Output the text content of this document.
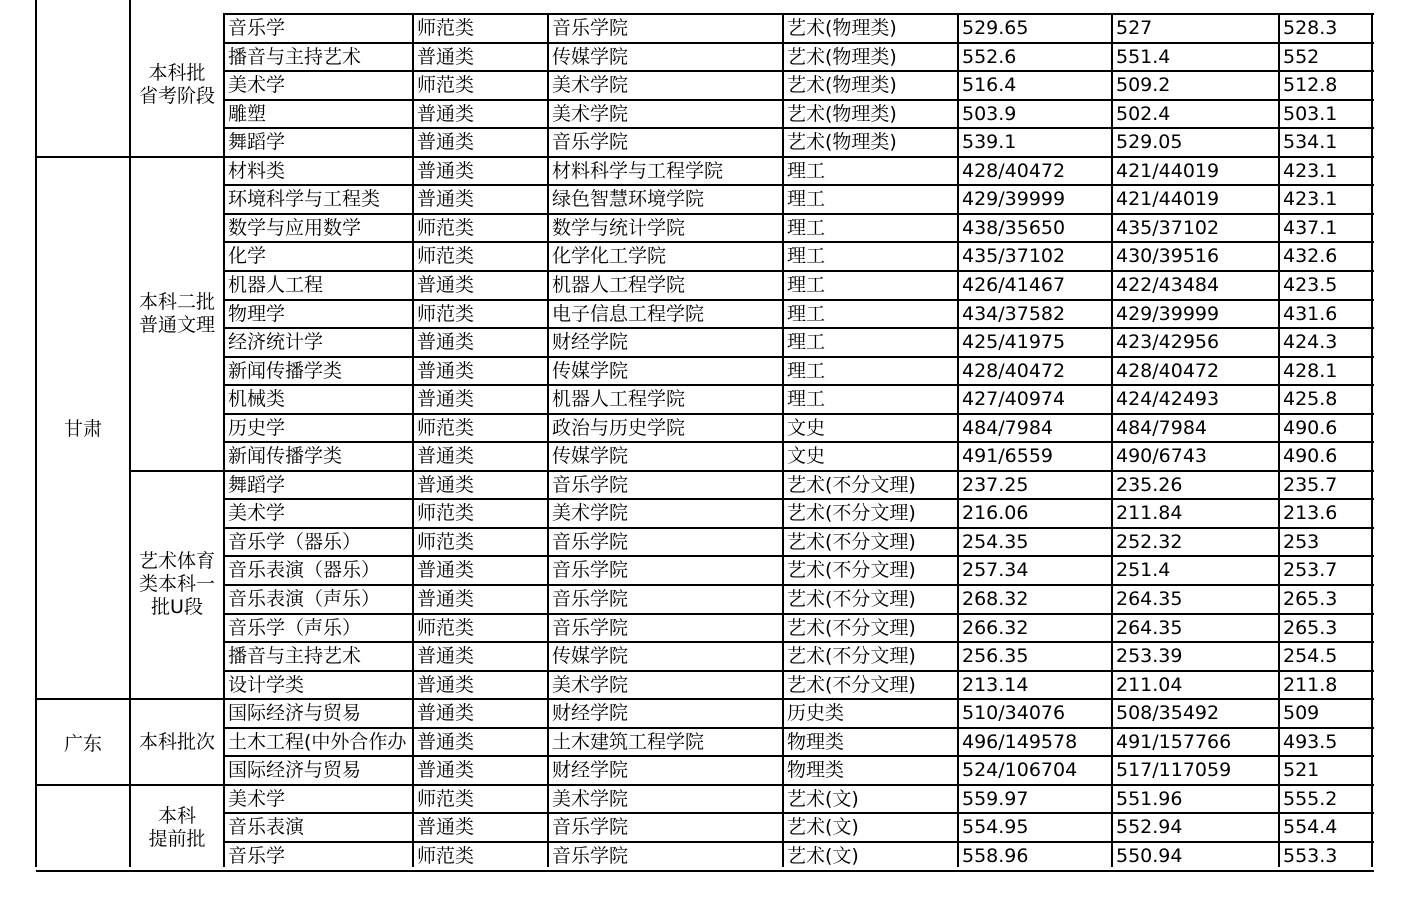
音乐学	师范类	音乐学院	艺术(物理类)	529.65	527	528.3
播音与主持艺术	普通类	传媒学院	艺术(物理类)	552.6	551.4	552
美术学	师范类	美术学院	艺术(物理类)	516.4	509.2	512.8
雕塑	普通类	美术学院	艺术(物理类)	503.9	502.4	503.1
舞蹈学	普通类	音乐学院	艺术(物理类)	539.1	529.05	534.1
本科批
省考阶段
材料类	普通类	材料科学与工程学院	理工	428/40472	421/44019	423.1
环境科学与工程类	普通类	绿色智慧环境学院	理工	429/39999	421/44019	423.1
数学与应用数学	师范类	数学与统计学院	理工	438/35650	435/37102	437.1
化学	师范类	化学化工学院	理工	435/37102	430/39516	432.6
机器人工程	普通类	机器人工程学院	理工	426/41467	422/43484	423.5
物理学	师范类	电子信息工程学院	理工	434/37582	429/39999	431.6
经济统计学	普通类	财经学院	理工	425/41975	423/42956	424.3
新闻传播学类	普通类	传媒学院	理工	428/40472	428/40472	428.1
机械类	普通类	机器人工程学院	理工	427/40974	424/42493	425.8
历史学	师范类	政治与历史学院	文史	484/7984	484/7984	490.6
新闻传播学类	普通类	传媒学院	文史	491/6559	490/6743	490.6
本科二批
普通文理
舞蹈学	普通类	音乐学院	艺术(不分文理)	237.25	235.26	235.7
美术学	师范类	美术学院	艺术(不分文理)	216.06	211.84	213.6
音乐学（器乐）	师范类	音乐学院	艺术(不分文理)	254.35	252.32	253
音乐表演（器乐）	普通类	音乐学院	艺术(不分文理)	257.34	251.4	253.7
音乐表演（声乐）	普通类	音乐学院	艺术(不分文理)	268.32	264.35	265.3
音乐学（声乐）	师范类	音乐学院	艺术(不分文理)	266.32	264.35	265.3
播音与主持艺术	普通类	传媒学院	艺术(不分文理)	256.35	253.39	254.5
设计学类	普通类	美术学院	艺术(不分文理)	213.14	211.04	211.8
艺术体育
类本科一
批U段
甘肃
国际经济与贸易	普通类	财经学院	历史类	510/34076	508/35492	509
土木工程(中外合作办 普通类	土木建筑工程学院	物理类	496/149578	491/157766	493.5
国际经济与贸易	普通类	财经学院	物理类	524/106704	517/117059	521
本科批次
广东
美术学	师范类	美术学院	艺术(文)	559.97	551.96	555.2
音乐表演	普通类	音乐学院	艺术(文)	554.95	552.94	554.4
音乐学	师范类	音乐学院	艺术(文)	558.96	550.94	553.3
本科
提前批
